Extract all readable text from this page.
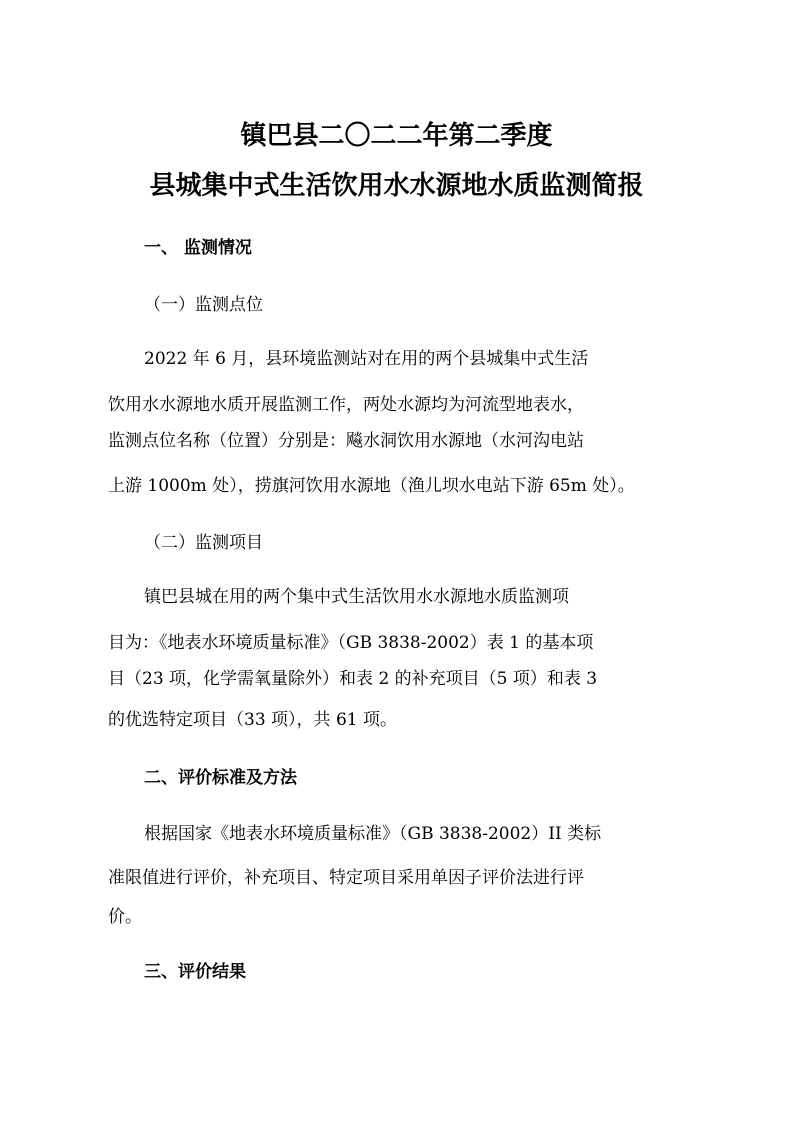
镇巴县二〇二二年第二季度
县城集中式生活饮用水水源地水质监测简报
一、 监测情况
（一）监测点位
2022 年 6 月，县环境监测站对在用的两个县城集中式生活
饮用水水源地水质开展监测工作，两处水源均为河流型地表水，
监测点位名称（位置）分别是：飚水洞饮用水源地（水河沟电站
上游 1000m 处），捞旗河饮用水源地（渔儿坝水电站下游 65m 处）。
（二）监测项目
镇巴县城在用的两个集中式生活饮用水水源地水质监测项
目为：《地表水环境质量标准》（GB 3838-2002）表 1 的基本项
目（23 项，化学需氧量除外）和表 2 的补充项目（5 项）和表 3
的优选特定项目（33 项），共 61 项。
二、评价标准及方法
根据国家《地表水环境质量标准》（GB 3838-2002）II 类标
准限值进行评价，补充项目、特定项目采用单因子评价法进行评
价。
三、评价结果
